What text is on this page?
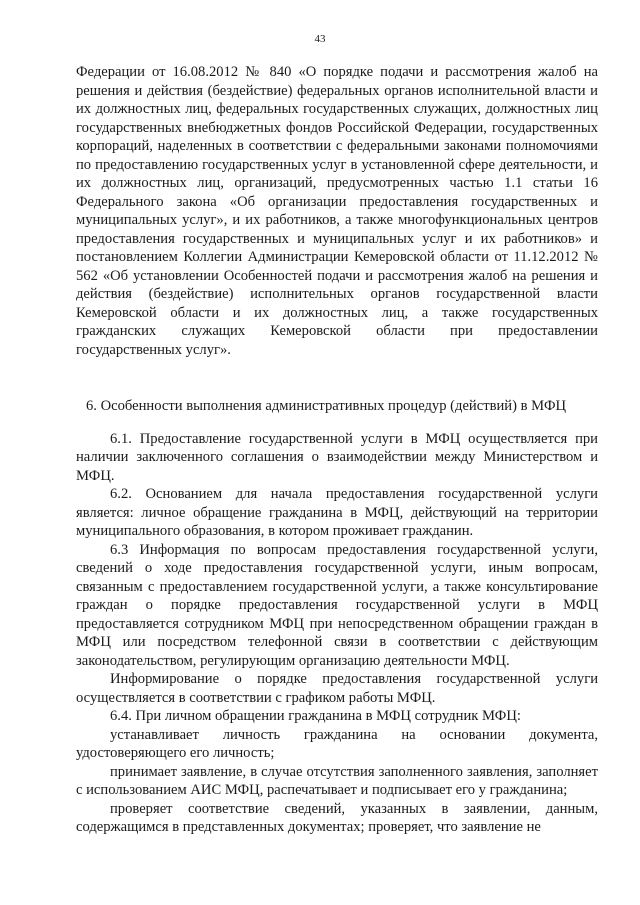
43

Федерации от 16.08.2012 № 840 «О порядке подачи и рассмотрения жалоб на решения и действия (бездействие) федеральных органов исполнительной власти и их должностных лиц, федеральных государственных служащих, должностных лиц государственных внебюджетных фондов Российской Федерации, государственных корпораций, наделенных в соответствии с федеральными законами полномочиями по предоставлению государственных услуг в установленной сфере деятельности, и их должностных лиц, организаций, предусмотренных частью 1.1 статьи 16 Федерального закона «Об организации предоставления государственных и муниципальных услуг», и их работников, а также многофункциональных центров предоставления государственных и муниципальных услуг и их работников» и постановлением Коллегии Администрации Кемеровской области от 11.12.2012 № 562 «Об установлении Особенностей подачи и рассмотрения жалоб на решения и действия (бездействие) исполнительных органов государственной власти Кемеровской области и их должностных лиц, а также государственных гражданских служащих Кемеровской области при предоставлении государственных услуг».

6. Особенности выполнения административных процедур (действий) в МФЦ

6.1. Предоставление государственной услуги в МФЦ осуществляется при наличии заключенного соглашения о взаимодействии между Министерством и МФЦ.

6.2. Основанием для начала предоставления государственной услуги является: личное обращение гражданина в МФЦ, действующий на территории муниципального образования, в котором проживает гражданин.

6.3 Информация по вопросам предоставления государственной услуги, сведений о ходе предоставления государственной услуги, иным вопросам, связанным с предоставлением государственной услуги, а также консультирование граждан о порядке предоставления государственной услуги в МФЦ предоставляется сотрудником МФЦ при непосредственном обращении граждан в МФЦ или посредством телефонной связи в соответствии с действующим законодательством, регулирующим организацию деятельности МФЦ.

Информирование о порядке предоставления государственной услуги осуществляется в соответствии с графиком работы МФЦ.

6.4. При личном обращении гражданина в МФЦ сотрудник МФЦ:

устанавливает личность гражданина на основании документа, удостоверяющего его личность;

принимает заявление, в случае отсутствия заполненного заявления, заполняет с использованием АИС МФЦ, распечатывает и подписывает его у гражданина;

проверяет соответствие сведений, указанных в заявлении, данным, содержащимся в представленных документах; проверяет, что заявление не
